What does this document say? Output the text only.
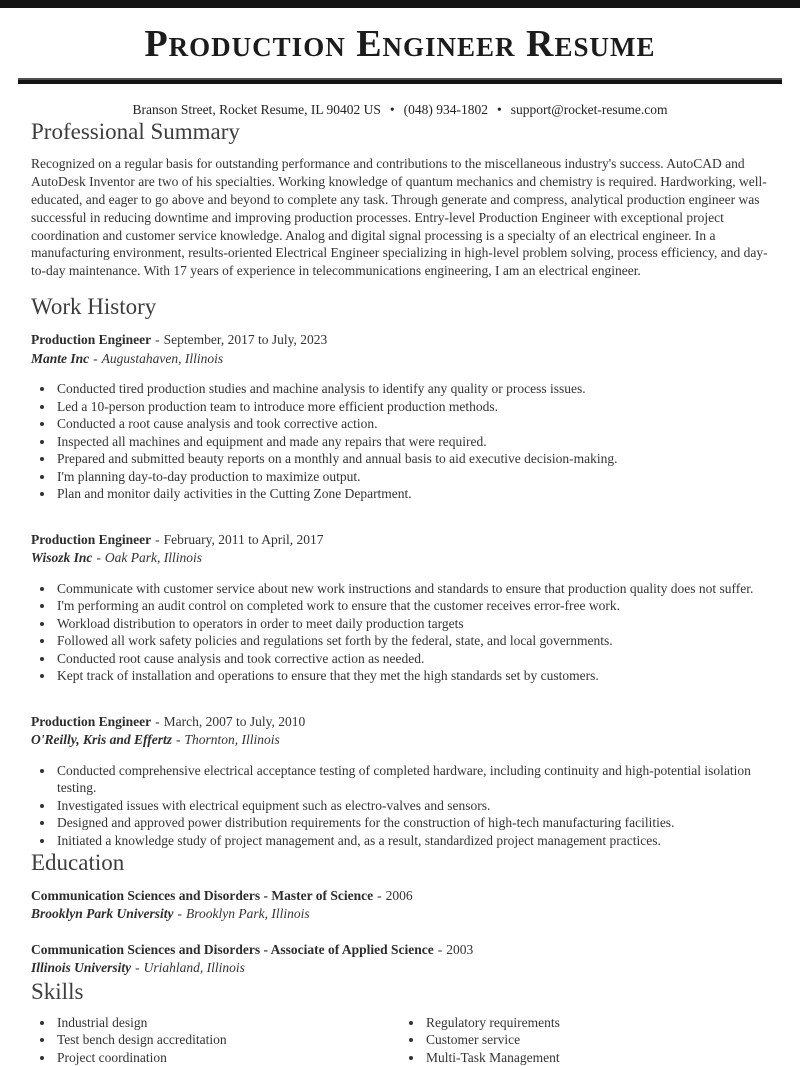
Production Engineer Resume
Branson Street, Rocket Resume, IL 90402 US • (048) 934-1802 • support@rocket-resume.com
Professional Summary

Recognized on a regular basis for outstanding performance and contributions to the miscellaneous industry's success. AutoCAD and AutoDesk Inventor are two of his specialties. Working knowledge of quantum mechanics and chemistry is required. Hardworking, well-educated, and eager to go above and beyond to complete any task. Through generate and compress, analytical production engineer was successful in reducing downtime and improving production processes. Entry-level Production Engineer with exceptional project coordination and customer service knowledge. Analog and digital signal processing is a specialty of an electrical engineer. In a manufacturing environment, results-oriented Electrical Engineer specializing in high-level problem solving, process efficiency, and day-to-day maintenance. With 17 years of experience in telecommunications engineering, I am an electrical engineer.

Work History
Production Engineer - September, 2017 to July, 2023
Mante Inc - Augustahaven, Illinois
• Conducted tired production studies and machine analysis to identify any quality or process issues.
• Led a 10-person production team to introduce more efficient production methods.
• Conducted a root cause analysis and took corrective action.
• Inspected all machines and equipment and made any repairs that were required.
• Prepared and submitted beauty reports on a monthly and annual basis to aid executive decision-making.
• I'm planning day-to-day production to maximize output.
• Plan and monitor daily activities in the Cutting Zone Department.
Production Engineer - February, 2011 to April, 2017
Wisozk Inc - Oak Park, Illinois
• Communicate with customer service about new work instructions and standards to ensure that production quality does not suffer.
• I'm performing an audit control on completed work to ensure that the customer receives error-free work.
• Workload distribution to operators in order to meet daily production targets
• Followed all work safety policies and regulations set forth by the federal, state, and local governments.
• Conducted root cause analysis and took corrective action as needed.
• Kept track of installation and operations to ensure that they met the high standards set by customers.
Production Engineer - March, 2007 to July, 2010
O'Reilly, Kris and Effertz - Thornton, Illinois
• Conducted comprehensive electrical acceptance testing of completed hardware, including continuity and high-potential isolation testing.
• Investigated issues with electrical equipment such as electro-valves and sensors.
• Designed and approved power distribution requirements for the construction of high-tech manufacturing facilities.
• Initiated a knowledge study of project management and, as a result, standardized project management practices.
Education
Communication Sciences and Disorders - Master of Science - 2006
Brooklyn Park University - Brooklyn Park, Illinois
Communication Sciences and Disorders - Associate of Applied Science - 2003
Illinois University - Uriahland, Illinois
Skills
• Industrial design
• Test bench design accreditation
• Project coordination
• Regulatory requirements
• Customer service
• Multi-Task Management
